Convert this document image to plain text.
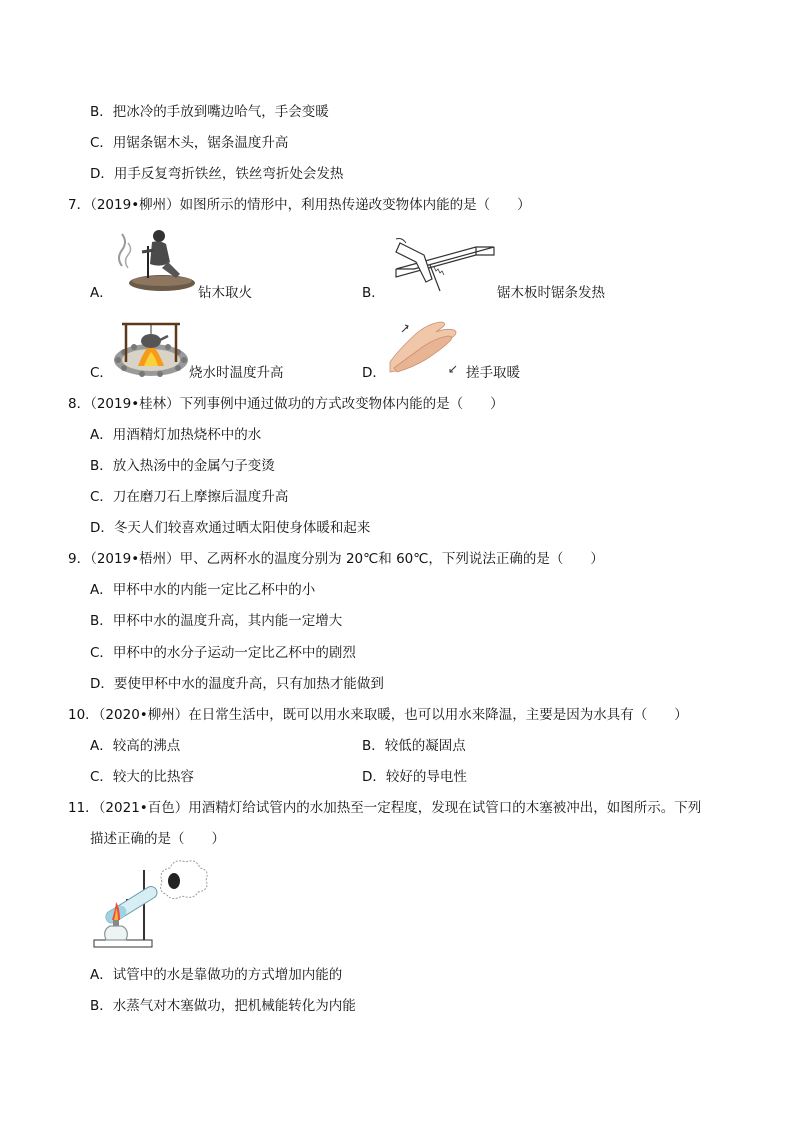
B．把冰冷的手放到嘴边哈气，手会变暖
C．用锯条锯木头，锯条温度升高
D．用手反复弯折铁丝，铁丝弯折处会发热
7．（2019•柳州）如图所示的情形中，利用热传递改变物体内能的是（　　）
A．	钻木取火	B．	锯木板时锯条发热
C．	烧水时温度升高	D．	搓手取暖
8．（2019•桂林）下列事例中通过做功的方式改变物体内能的是（　　）
A．用酒精灯加热烧杯中的水
B．放入热汤中的金属勺子变烫
C．刀在磨刀石上摩擦后温度升高
D．冬天人们较喜欢通过晒太阳使身体暖和起来
9．（2019•梧州）甲、乙两杯水的温度分别为 20℃和 60℃，下列说法正确的是（　　）
A．甲杯中水的内能一定比乙杯中的小
B．甲杯中水的温度升高，其内能一定增大
C．甲杯中的水分子运动一定比乙杯中的剧烈
D．要使甲杯中水的温度升高，只有加热才能做到
10．（2020•柳州）在日常生活中，既可以用水来取暖，也可以用水来降温，主要是因为水具有（　　）
A．较高的沸点	B．较低的凝固点
C．较大的比热容	D．较好的导电性
11．（2021•百色）用酒精灯给试管内的水加热至一定程度，发现在试管口的木塞被冲出，如图所示。下列
描述正确的是（　　）
A．试管中的水是靠做功的方式增加内能的
B．水蒸气对木塞做功，把机械能转化为内能
